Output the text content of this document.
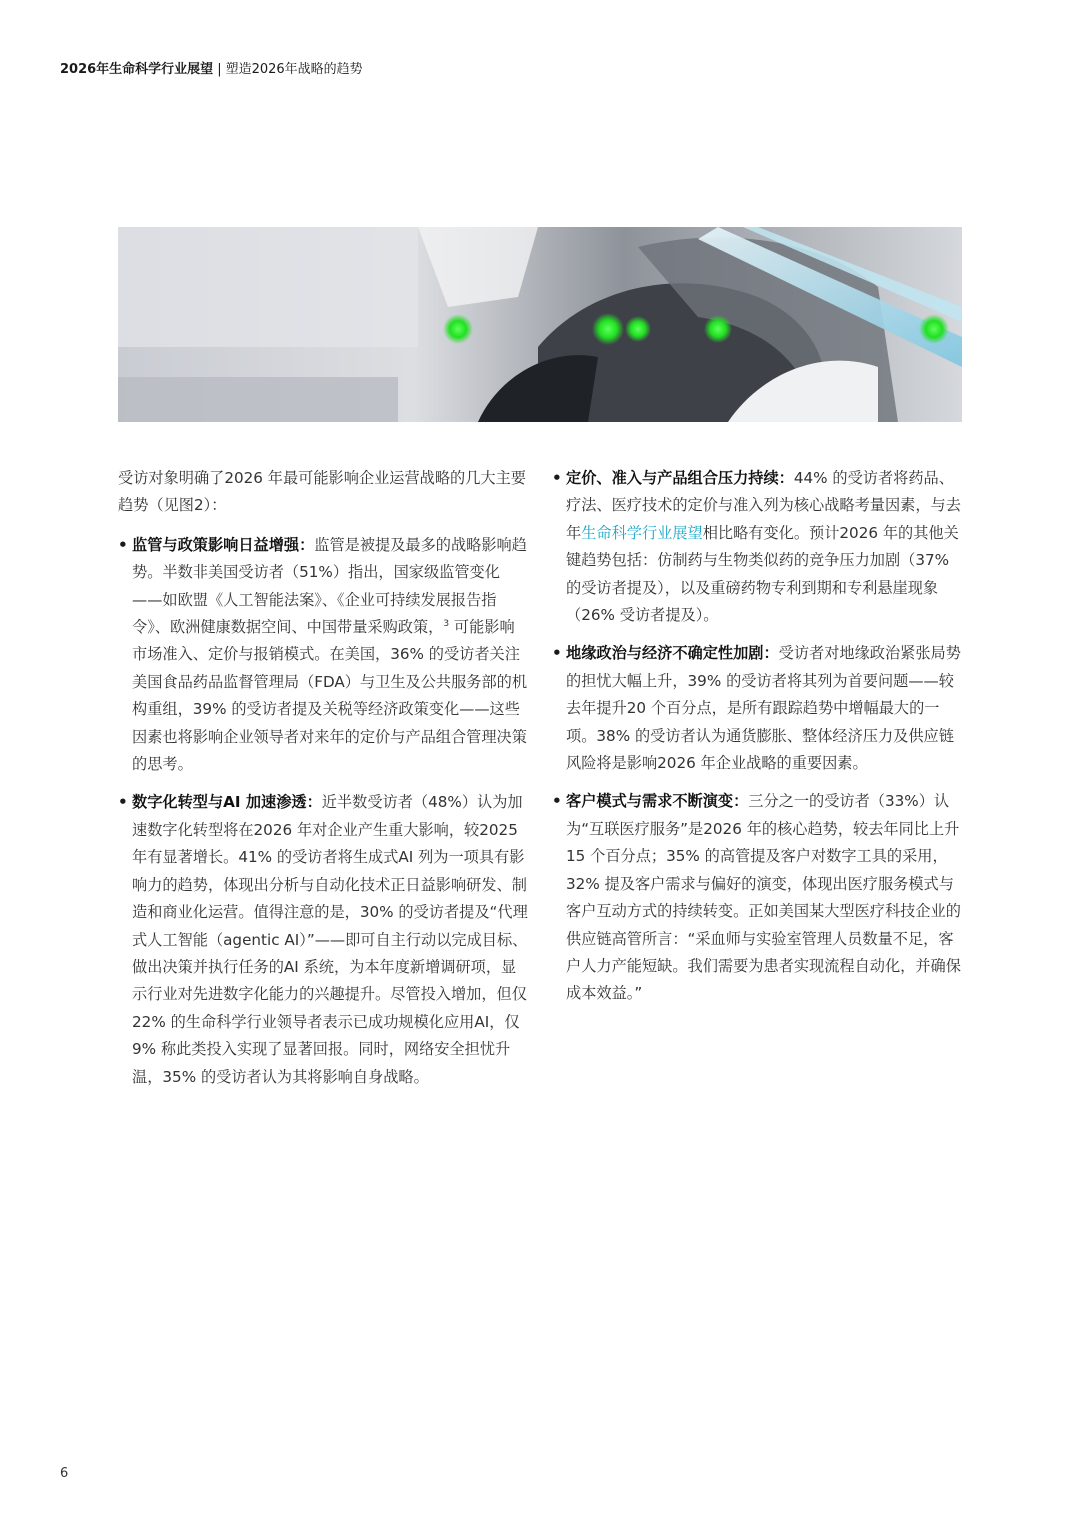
2026年生命科学行业展望 | 塑造2026年战略的趋势

受访对象明确了2026 年最可能影响企业运营战略的几大主要趋势（见图2）：

• 监管与政策影响日益增强：监管是被提及最多的战略影响趋势。半数非美国受访者（51%）指出，国家级监管变化——如欧盟《人工智能法案》、《企业可持续发展报告指令》、欧洲健康数据空间、中国带量采购政策，$^3$ 可能影响市场准入、定价与报销模式。在美国，36% 的受访者关注美国食品药品监督管理局（FDA）与卫生及公共服务部的机构重组，39% 的受访者提及关税等经济政策变化——这些因素也将影响企业领导者对来年的定价与产品组合管理决策的思考。
• 数字化转型与AI 加速渗透：近半数受访者（48%）认为加速数字化转型将在2026 年对企业产生重大影响，较2025 年有显著增长。41% 的受访者将生成式AI 列为一项具有影响力的趋势，体现出分析与自动化技术正日益影响研发、制造和商业化运营。值得注意的是，30% 的受访者提及“代理式人工智能（agentic AI）”——即可自主行动以完成目标、做出决策并执行任务的AI 系统，为本年度新增调研项，显示行业对先进数字化能力的兴趣提升。尽管投入增加，但仅22% 的生命科学行业领导者表示已成功规模化应用AI，仅9% 称此类投入实现了显著回报。同时，网络安全担忧升温，35% 的受访者认为其将影响自身战略。
• 定价、准入与产品组合压力持续：44% 的受访者将药品、疗法、医疗技术的定价与准入列为核心战略考量因素，与去年生命科学行业展望相比略有变化。预计2026 年的其他关键趋势包括：仿制药与生物类似药的竞争压力加剧（37% 的受访者提及），以及重磅药物专利到期和专利悬崖现象（26% 受访者提及）。
• 地缘政治与经济不确定性加剧：受访者对地缘政治紧张局势的担忧大幅上升，39% 的受访者将其列为首要问题——较去年提升20 个百分点，是所有跟踪趋势中增幅最大的一项。38% 的受访者认为通货膨胀、整体经济压力及供应链风险将是影响2026 年企业战略的重要因素。
• 客户模式与需求不断演变：三分之一的受访者（33%）认为“互联医疗服务”是2026 年的核心趋势，较去年同比上升15 个百分点；35% 的高管提及客户对数字工具的采用，32% 提及客户需求与偏好的演变，体现出医疗服务模式与客户互动方式的持续转变。正如美国某大型医疗科技企业的供应链高管所言：“采血师与实验室管理人员数量不足，客户人力产能短缺。我们需要为患者实现流程自动化，并确保成本效益。”
6
